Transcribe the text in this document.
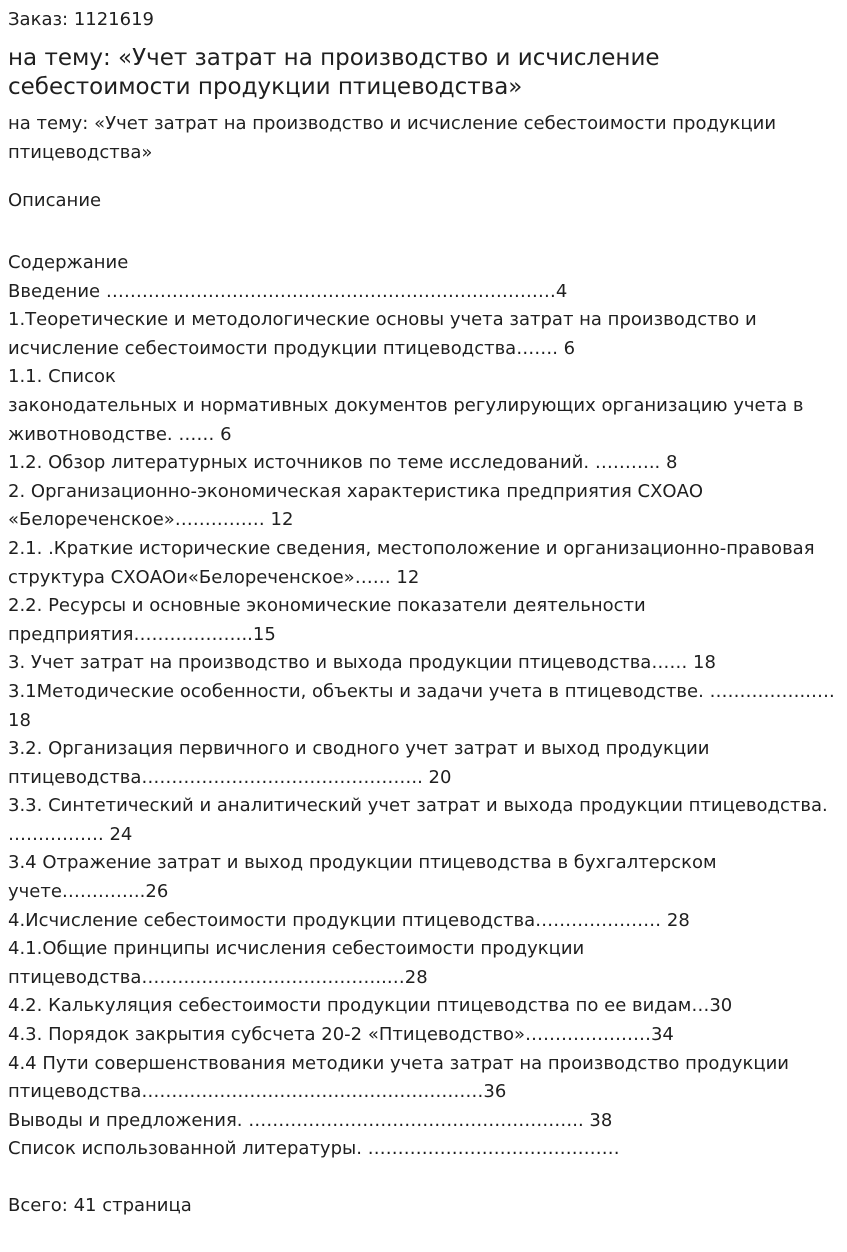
Заказ: 1121619

на тему: «Учет затрат на производство и исчисление себестоимости продукции птицеводства»

на тему: «Учет затрат на производство и исчисление себестоимости продукции птицеводства»

Описание

Содержание

Введение …………………………………………………………………4

1.Теоретические и методологические основы учета затрат на производство и исчисление себестоимости продукции птицеводства……. 6

1.1. Список

законодательных и нормативных документов регулирующих организацию учета в животноводстве. …… 6

1.2. Обзор литературных источников по теме исследований. ……….. 8

2. Организационно-экономическая характеристика предприятия СХОАО «Белореченское»…………… 12

2.1. .Краткие исторические сведения, местоположение и организационно-правовая структура СХОАОи«Белореченское»…… 12

2.2. Ресурсы и основные экономические показатели деятельности предприятия………………..15

3. Учет затрат на производство и выхода продукции птицеводства…… 18

3.1Методические особенности, объекты и задачи учета в птицеводстве. ……………..…. 18

3.2. Организация первичного и сводного учет затрат и выход продукции птицеводства……………………………………….. 20

3.3. Синтетический и аналитический учет затрат и выхода продукции птицеводства. ……………. 24

3.4 Отражение затрат и выход продукции птицеводства в бухгалтерском учете…………..26

4.Исчисление себестоимости продукции птицеводства………………… 28

4.1.Общие принципы исчисления себестоимости продукции птицеводства…………………………………..…28

4.2. Калькуляция себестоимости продукции птицеводства по ее видам…30

4.3. Порядок закрытия субсчета 20-2 «Птицеводство»…………………34

4.4 Пути совершенствования методики учета затрат на производство продукции птицеводства…………………………………………………36

Выводы и предложения. ……………………………………………….. 38

Список использованной литературы. ……………………………………

Всего: 41 страница
